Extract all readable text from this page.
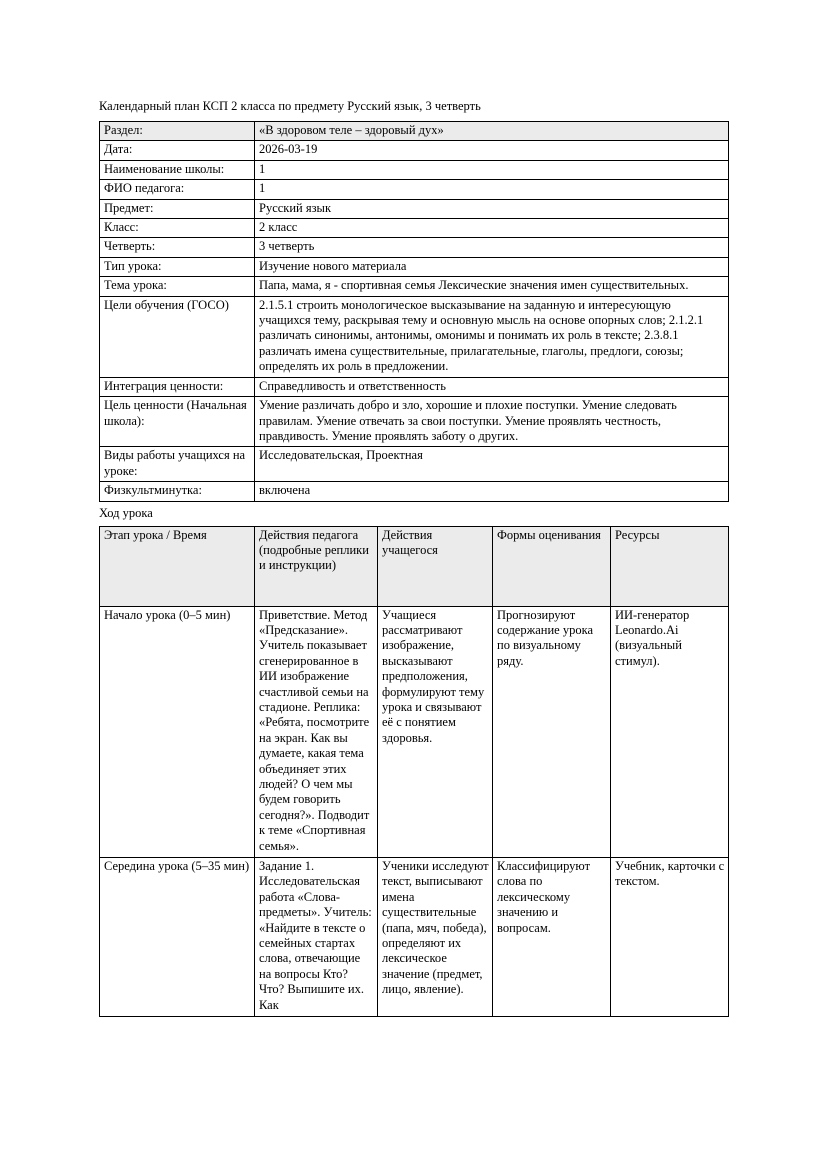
Календарный план КСП 2 класса по предмету Русский язык, 3 четверть
Раздел:	«В здоровом теле – здоровый дух»
Дата:	2026-03-19
Наименование школы:	1
ФИО педагога:	1
Предмет:	Русский язык
Класс:	2 класс
Четверть:	3 четверть
Тип урока:	Изучение нового материала
Тема урока:	Папа, мама, я - спортивная семья Лексические значения имен существительных.
Цели обучения (ГОСО)	2.1.5.1 строить монологическое высказывание на заданную и интересующую учащихся тему, раскрывая тему и основную мысль на основе опорных слов; 2.1.2.1 различать синонимы, антонимы, омонимы и понимать их роль в тексте; 2.3.8.1 различать имена существительные, прилагательные, глаголы, предлоги, союзы; определять их роль в предложении.
Интеграция ценности:	Справедливость и ответственность
Цель ценности (Начальная школа):	Умение различать добро и зло, хорошие и плохие поступки. Умение следовать правилам. Умение отвечать за свои поступки. Умение проявлять честность, правдивость. Умение проявлять заботу о других.
Виды работы учащихся на уроке:	Исследовательская, Проектная
Физкультминутка:	включена
Ход урока
Этап урока / Время	Действия педагога (подробные реплики и инструкции)	Действия учащегося	Формы оценивания	Ресурсы
Начало урока (0–5 мин)	Приветствие. Метод «Предсказание». Учитель показывает сгенерированное в ИИ изображение счастливой семьи на стадионе. Реплика: «Ребята, посмотрите на экран. Как вы думаете, какая тема объединяет этих людей? О чем мы будем говорить сегодня?». Подводит к теме «Спортивная семья».	Учащиеся рассматривают изображение, высказывают предположения, формулируют тему урока и связывают её с понятием здоровья.	Прогнозируют содержание урока по визуальному ряду.	ИИ-генератор Leonardo.Ai (визуальный стимул).
Середина урока (5–35 мин)	Задание 1. Исследовательская работа «Слова-предметы». Учитель: «Найдите в тексте о семейных стартах слова, отвечающие на вопросы Кто? Что? Выпишите их. Как	Ученики исследуют текст, выписывают имена существительные (папа, мяч, победа), определяют их лексическое значение (предмет, лицо, явление).	Классифицируют слова по лексическому значению и вопросам.	Учебник, карточки с текстом.
